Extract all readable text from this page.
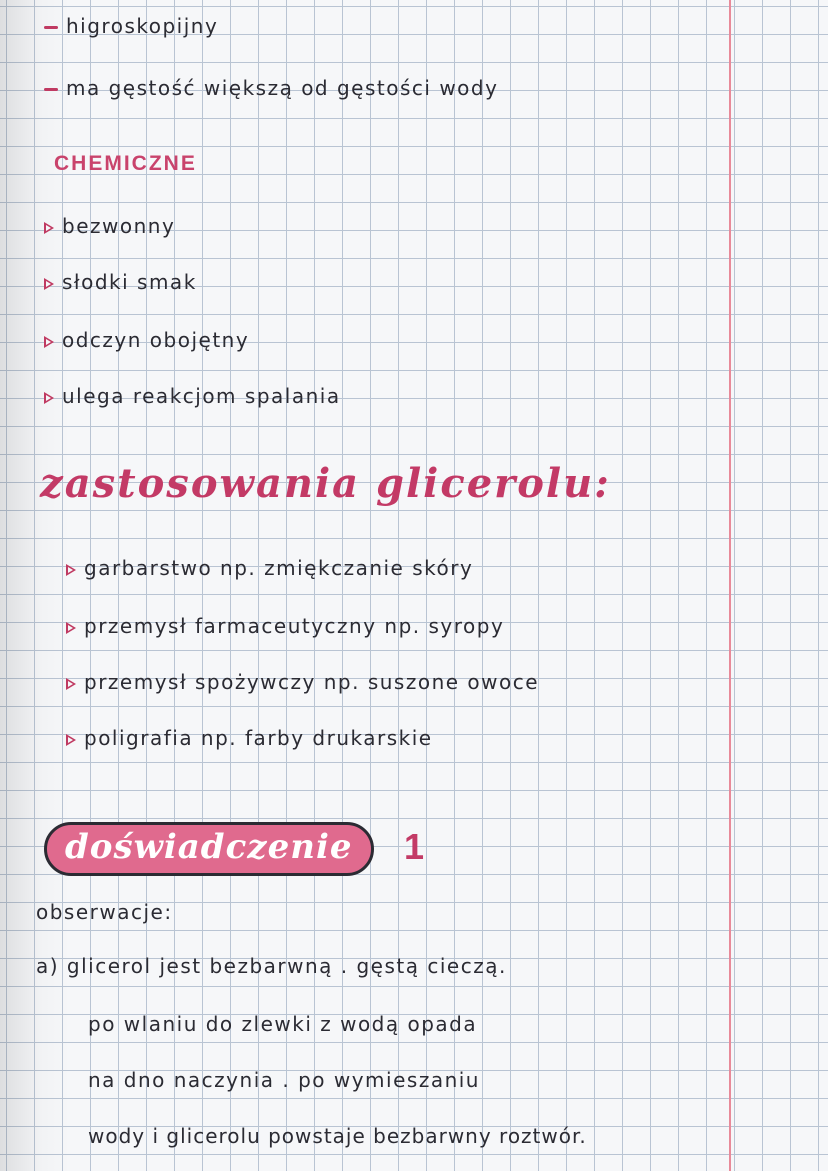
higroskopijny
ma gęstość większą od gęstości wody
CHEMICZNE
bezwonny
słodki smak
odczyn obojętny
ulega reakcjom spalania
zastosowania glicerolu:
garbarstwo np. zmiękczanie skóry
przemysł farmaceutyczny np. syropy
przemysł spożywczy np. suszone owoce
poligrafia np. farby drukarskie
doświadczenie	1
obserwacje:
a) glicerol jest bezbarwną . gęstą cieczą.
po wlaniu do zlewki z wodą opada
na dno naczynia . po wymieszaniu
wody i glicerolu powstaje bezbarwny roztwór.
